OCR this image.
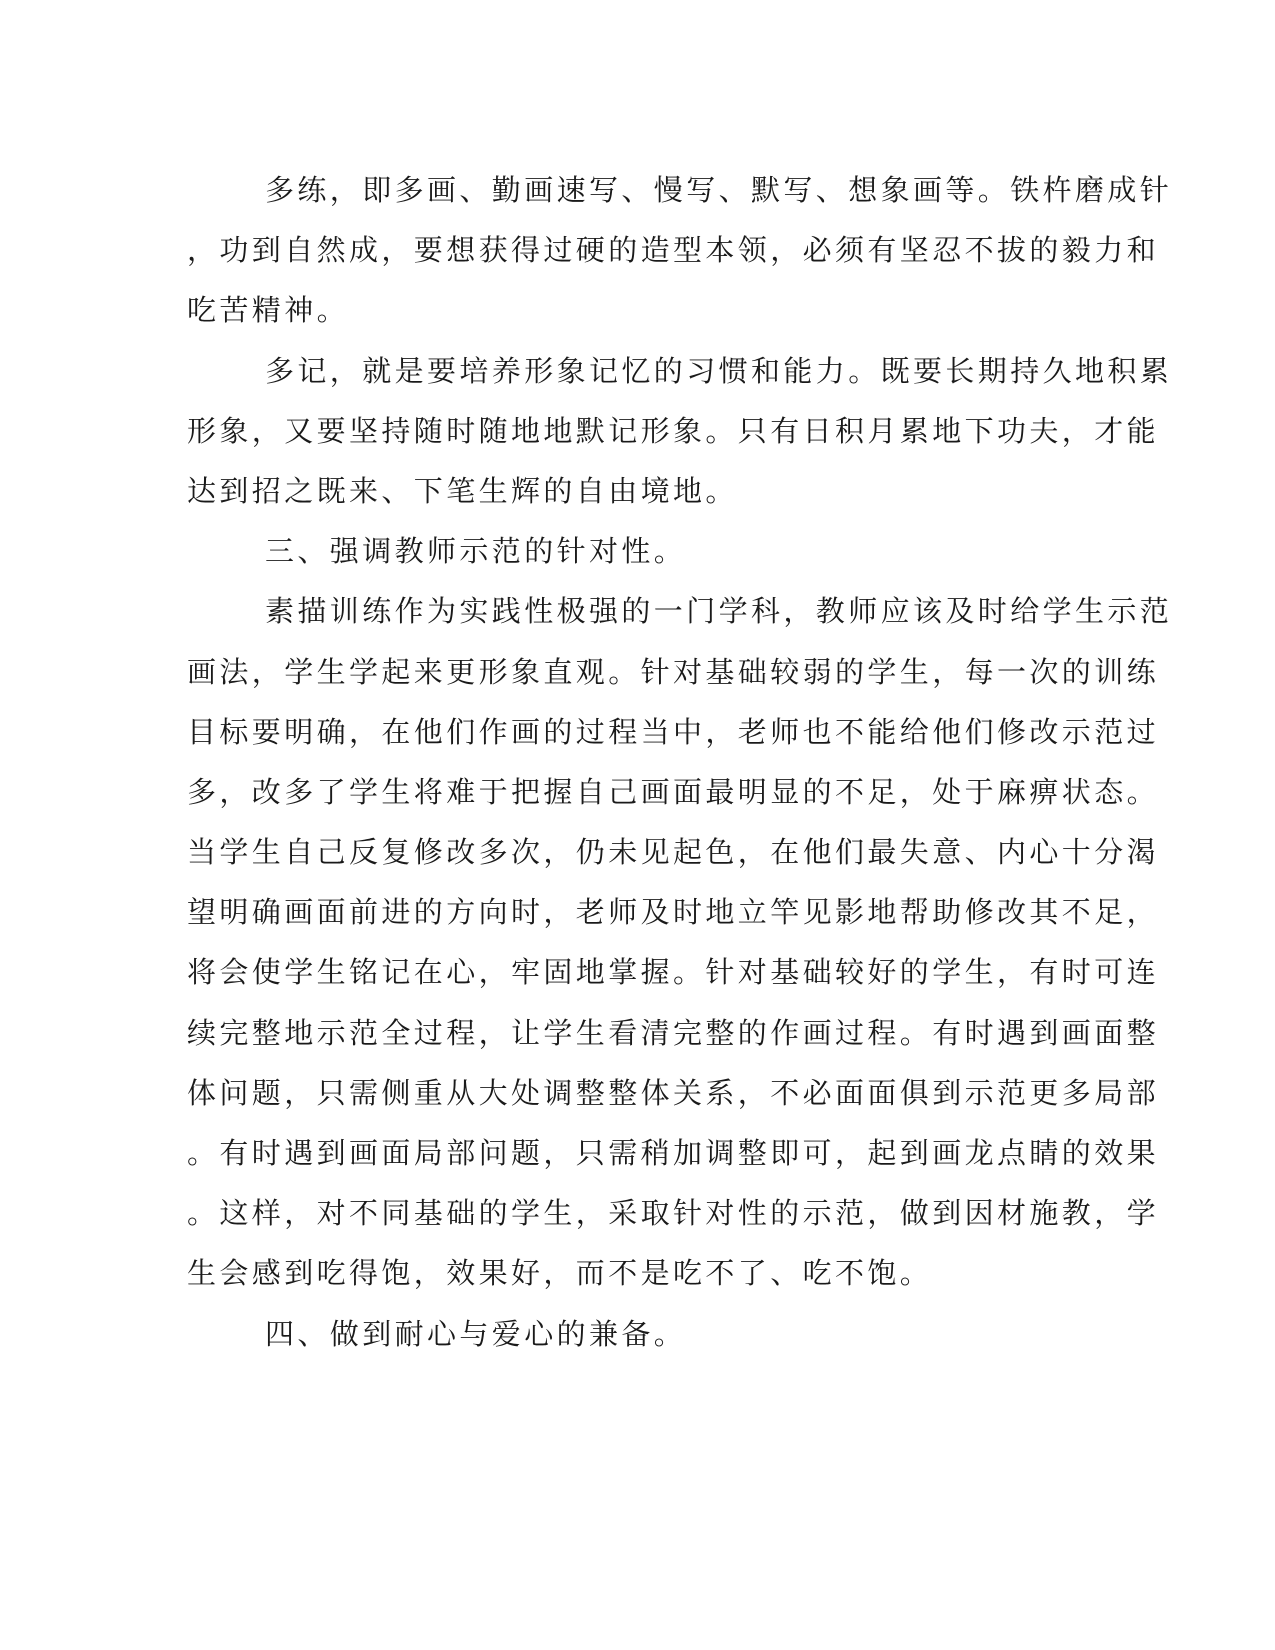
多练，即多画、勤画速写、慢写、默写、想象画等。铁杵磨成针
，功到自然成，要想获得过硬的造型本领，必须有坚忍不拔的毅力和
吃苦精神。
多记，就是要培养形象记忆的习惯和能力。既要长期持久地积累
形象，又要坚持随时随地地默记形象。只有日积月累地下功夫，才能
达到招之既来、下笔生辉的自由境地。
三、强调教师示范的针对性。
素描训练作为实践性极强的一门学科，教师应该及时给学生示范
画法，学生学起来更形象直观。针对基础较弱的学生，每一次的训练
目标要明确，在他们作画的过程当中，老师也不能给他们修改示范过
多，改多了学生将难于把握自己画面最明显的不足，处于麻痹状态。
当学生自己反复修改多次，仍未见起色，在他们最失意、内心十分渴
望明确画面前进的方向时，老师及时地立竿见影地帮助修改其不足，
将会使学生铭记在心，牢固地掌握。针对基础较好的学生，有时可连
续完整地示范全过程，让学生看清完整的作画过程。有时遇到画面整
体问题，只需侧重从大处调整整体关系，不必面面俱到示范更多局部
。有时遇到画面局部问题，只需稍加调整即可，起到画龙点睛的效果
。这样，对不同基础的学生，采取针对性的示范，做到因材施教，学
生会感到吃得饱，效果好，而不是吃不了、吃不饱。
四、做到耐心与爱心的兼备。
